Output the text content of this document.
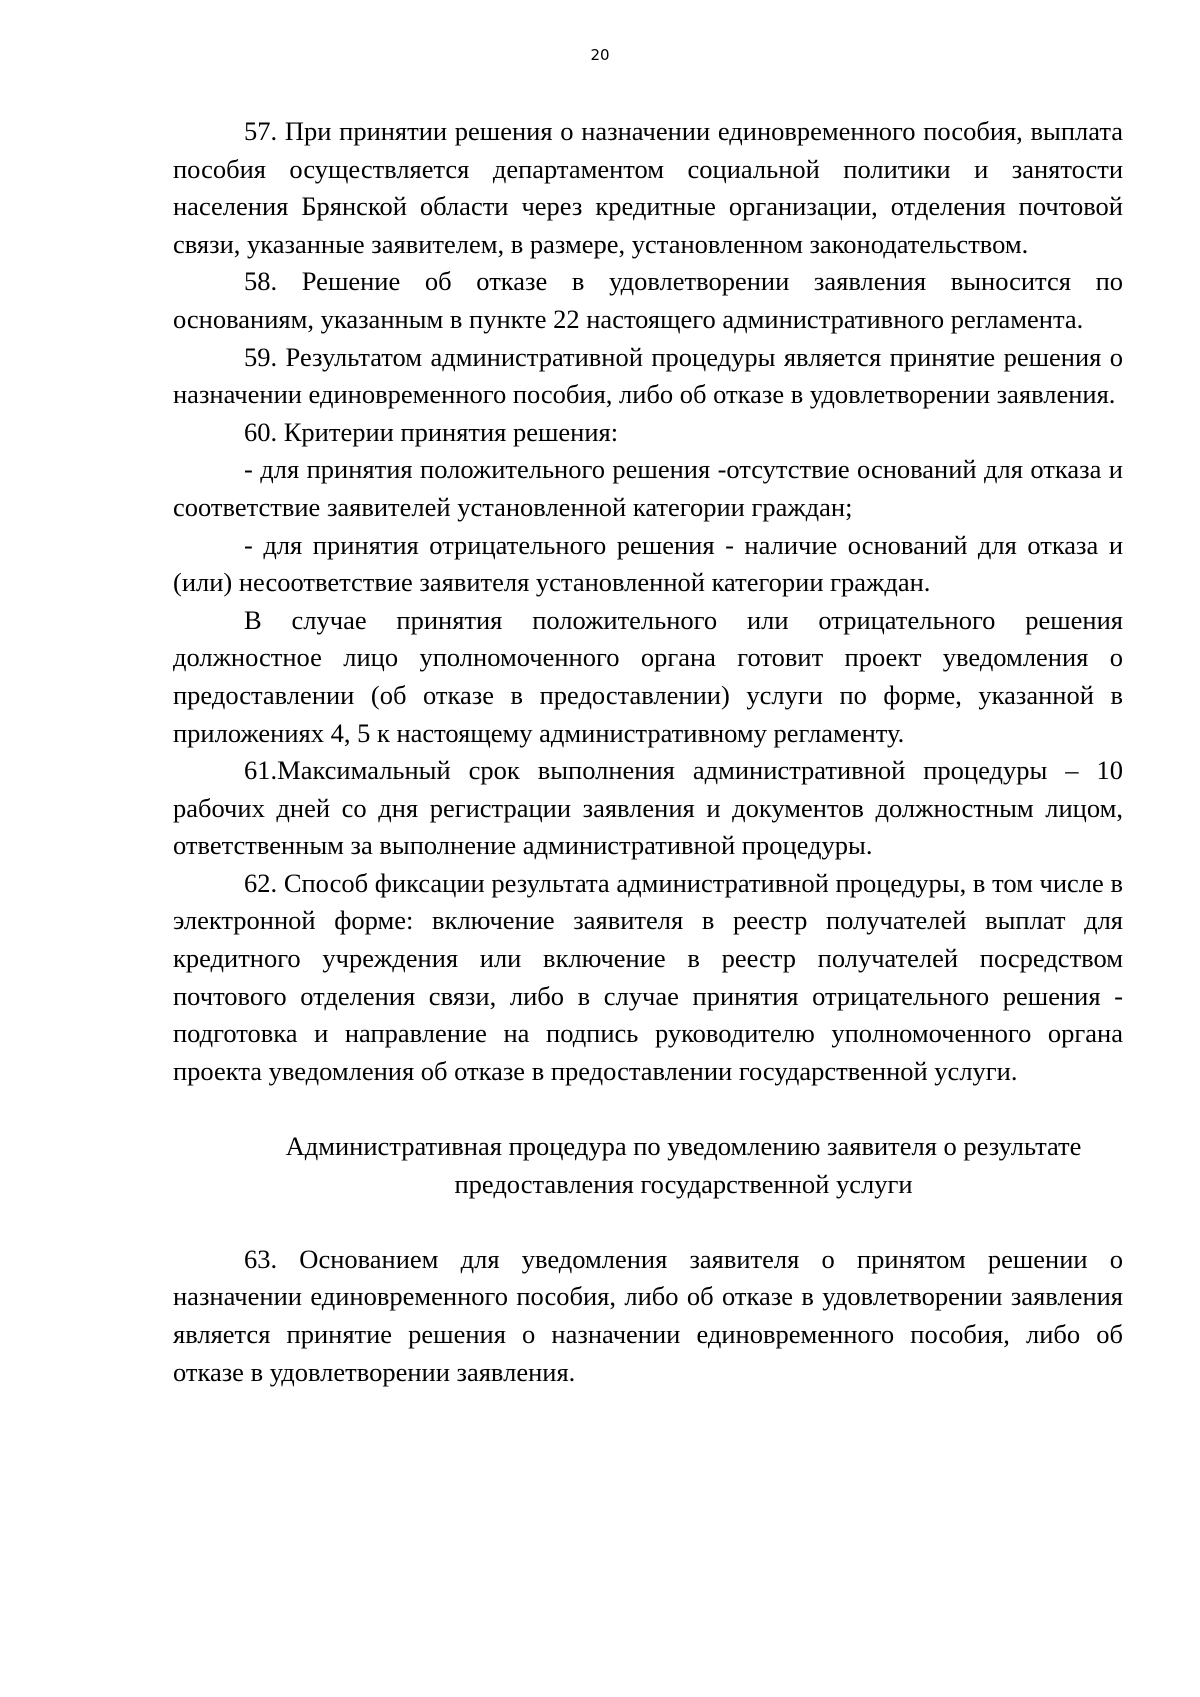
20

57. При принятии решения о назначении единовременного пособия, выплата пособия осуществляется департаментом социальной политики и занятости населения Брянской области через кредитные организации, отделения почтовой связи, указанные заявителем, в размере, установленном законодательством.

58. Решение об отказе в удовлетворении заявления выносится по основаниям, указанным в пункте 22 настоящего административного регламента.

59. Результатом административной процедуры является принятие решения о назначении единовременного пособия, либо об отказе в удовлетворении заявления.

60. Критерии принятия решения:

- для принятия положительного решения -отсутствие оснований для отказа и соответствие заявителей установленной категории граждан;

- для принятия отрицательного решения - наличие оснований для отказа и (или) несоответствие заявителя установленной категории граждан.

В случае принятия положительного или отрицательного решения должностное лицо уполномоченного органа готовит проект уведомления о предоставлении (об отказе в предоставлении) услуги по форме, указанной в приложениях 4, 5 к настоящему административному регламенту.

61.Максимальный срок выполнения административной процедуры – 10 рабочих дней со дня регистрации заявления и документов должностным лицом, ответственным за выполнение административной процедуры.

62. Способ фиксации результата административной процедуры, в том числе в электронной форме: включение заявителя в реестр получателей выплат для кредитного учреждения или включение в реестр получателей посредством почтового отделения связи, либо в случае принятия отрицательного решения - подготовка и направление на подпись руководителю уполномоченного органа проекта уведомления об отказе в предоставлении государственной услуги.

Административная процедура по уведомлению заявителя о результате предоставления государственной услуги

63. Основанием для уведомления заявителя о принятом решении о назначении единовременного пособия, либо об отказе в удовлетворении заявления является принятие решения о назначении единовременного пособия, либо об отказе в удовлетворении заявления.
